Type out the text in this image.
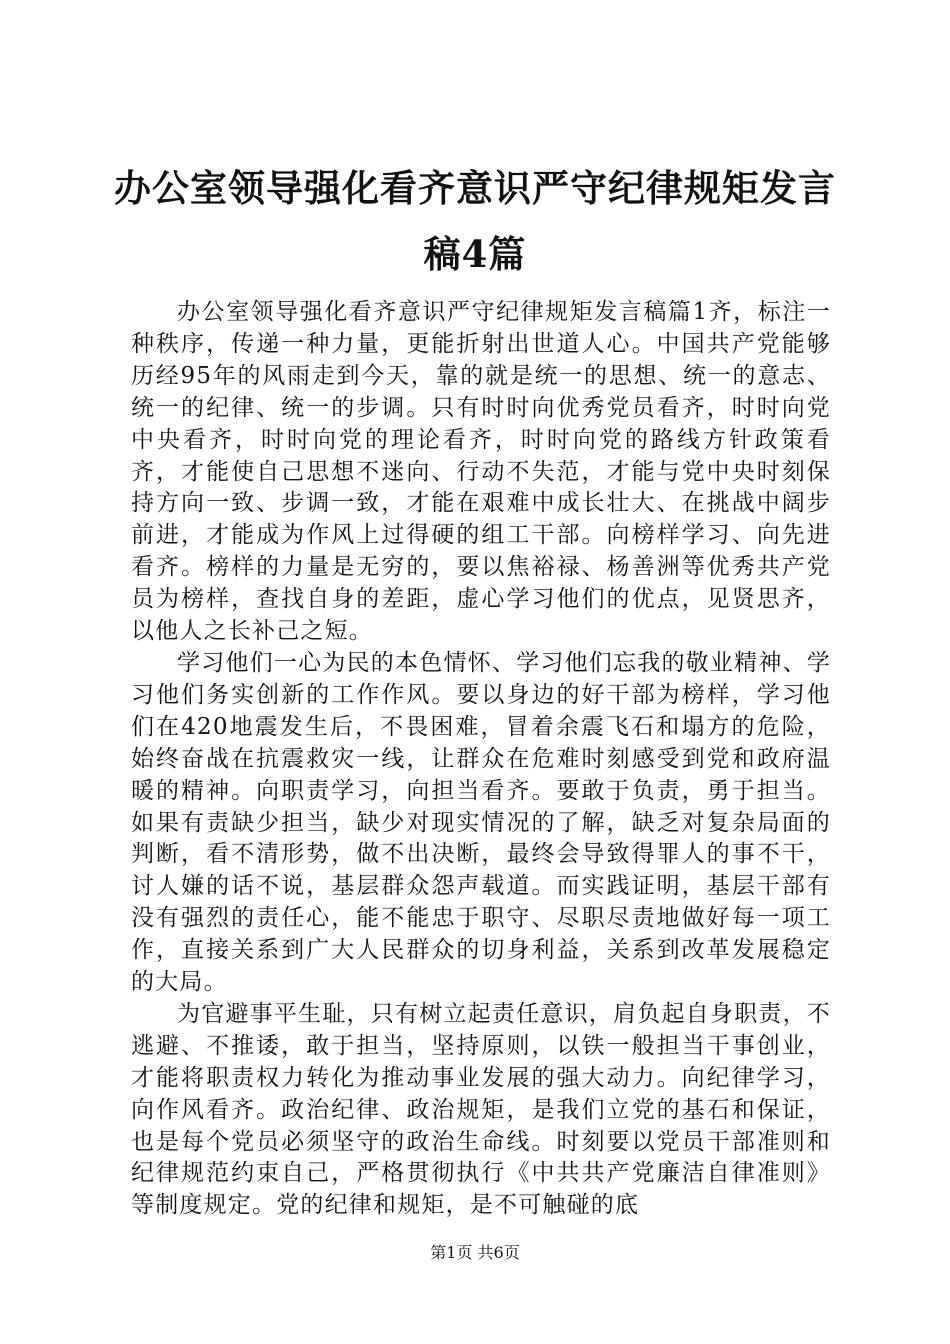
办公室领导强化看齐意识严守纪律规矩发言稿4篇

办公室领导强化看齐意识严守纪律规矩发言稿篇1齐，标注一种秩序，传递一种力量，更能折射出世道人心。中国共产党能够历经95年的风雨走到今天，靠的就是统一的思想、统一的意志、统一的纪律、统一的步调。只有时时向优秀党员看齐，时时向党中央看齐，时时向党的理论看齐，时时向党的路线方针政策看齐，才能使自己思想不迷向、行动不失范，才能与党中央时刻保持方向一致、步调一致，才能在艰难中成长壮大、在挑战中阔步前进，才能成为作风上过得硬的组工干部。向榜样学习、向先进看齐。榜样的力量是无穷的，要以焦裕禄、杨善洲等优秀共产党员为榜样，查找自身的差距，虚心学习他们的优点，见贤思齐，以他人之长补己之短。

学习他们一心为民的本色情怀、学习他们忘我的敬业精神、学习他们务实创新的工作作风。要以身边的好干部为榜样，学习他们在420地震发生后，不畏困难，冒着余震飞石和塌方的危险，始终奋战在抗震救灾一线，让群众在危难时刻感受到党和政府温暖的精神。向职责学习，向担当看齐。要敢于负责，勇于担当。如果有责缺少担当，缺少对现实情况的了解，缺乏对复杂局面的判断，看不清形势，做不出决断，最终会导致得罪人的事不干，讨人嫌的话不说，基层群众怨声载道。而实践证明，基层干部有没有强烈的责任心，能不能忠于职守、尽职尽责地做好每一项工作，直接关系到广大人民群众的切身利益，关系到改革发展稳定的大局。

为官避事平生耻，只有树立起责任意识，肩负起自身职责，不逃避、不推诿，敢于担当，坚持原则，以铁一般担当干事创业，才能将职责权力转化为推动事业发展的强大动力。向纪律学习，向作风看齐。政治纪律、政治规矩，是我们立党的基石和保证，也是每个党员必须坚守的政治生命线。时刻要以党员干部准则和纪律规范约束自己，严格贯彻执行《中共共产党廉洁自律准则》等制度规定。党的纪律和规矩，是不可触碰的底

第1页 共6页
